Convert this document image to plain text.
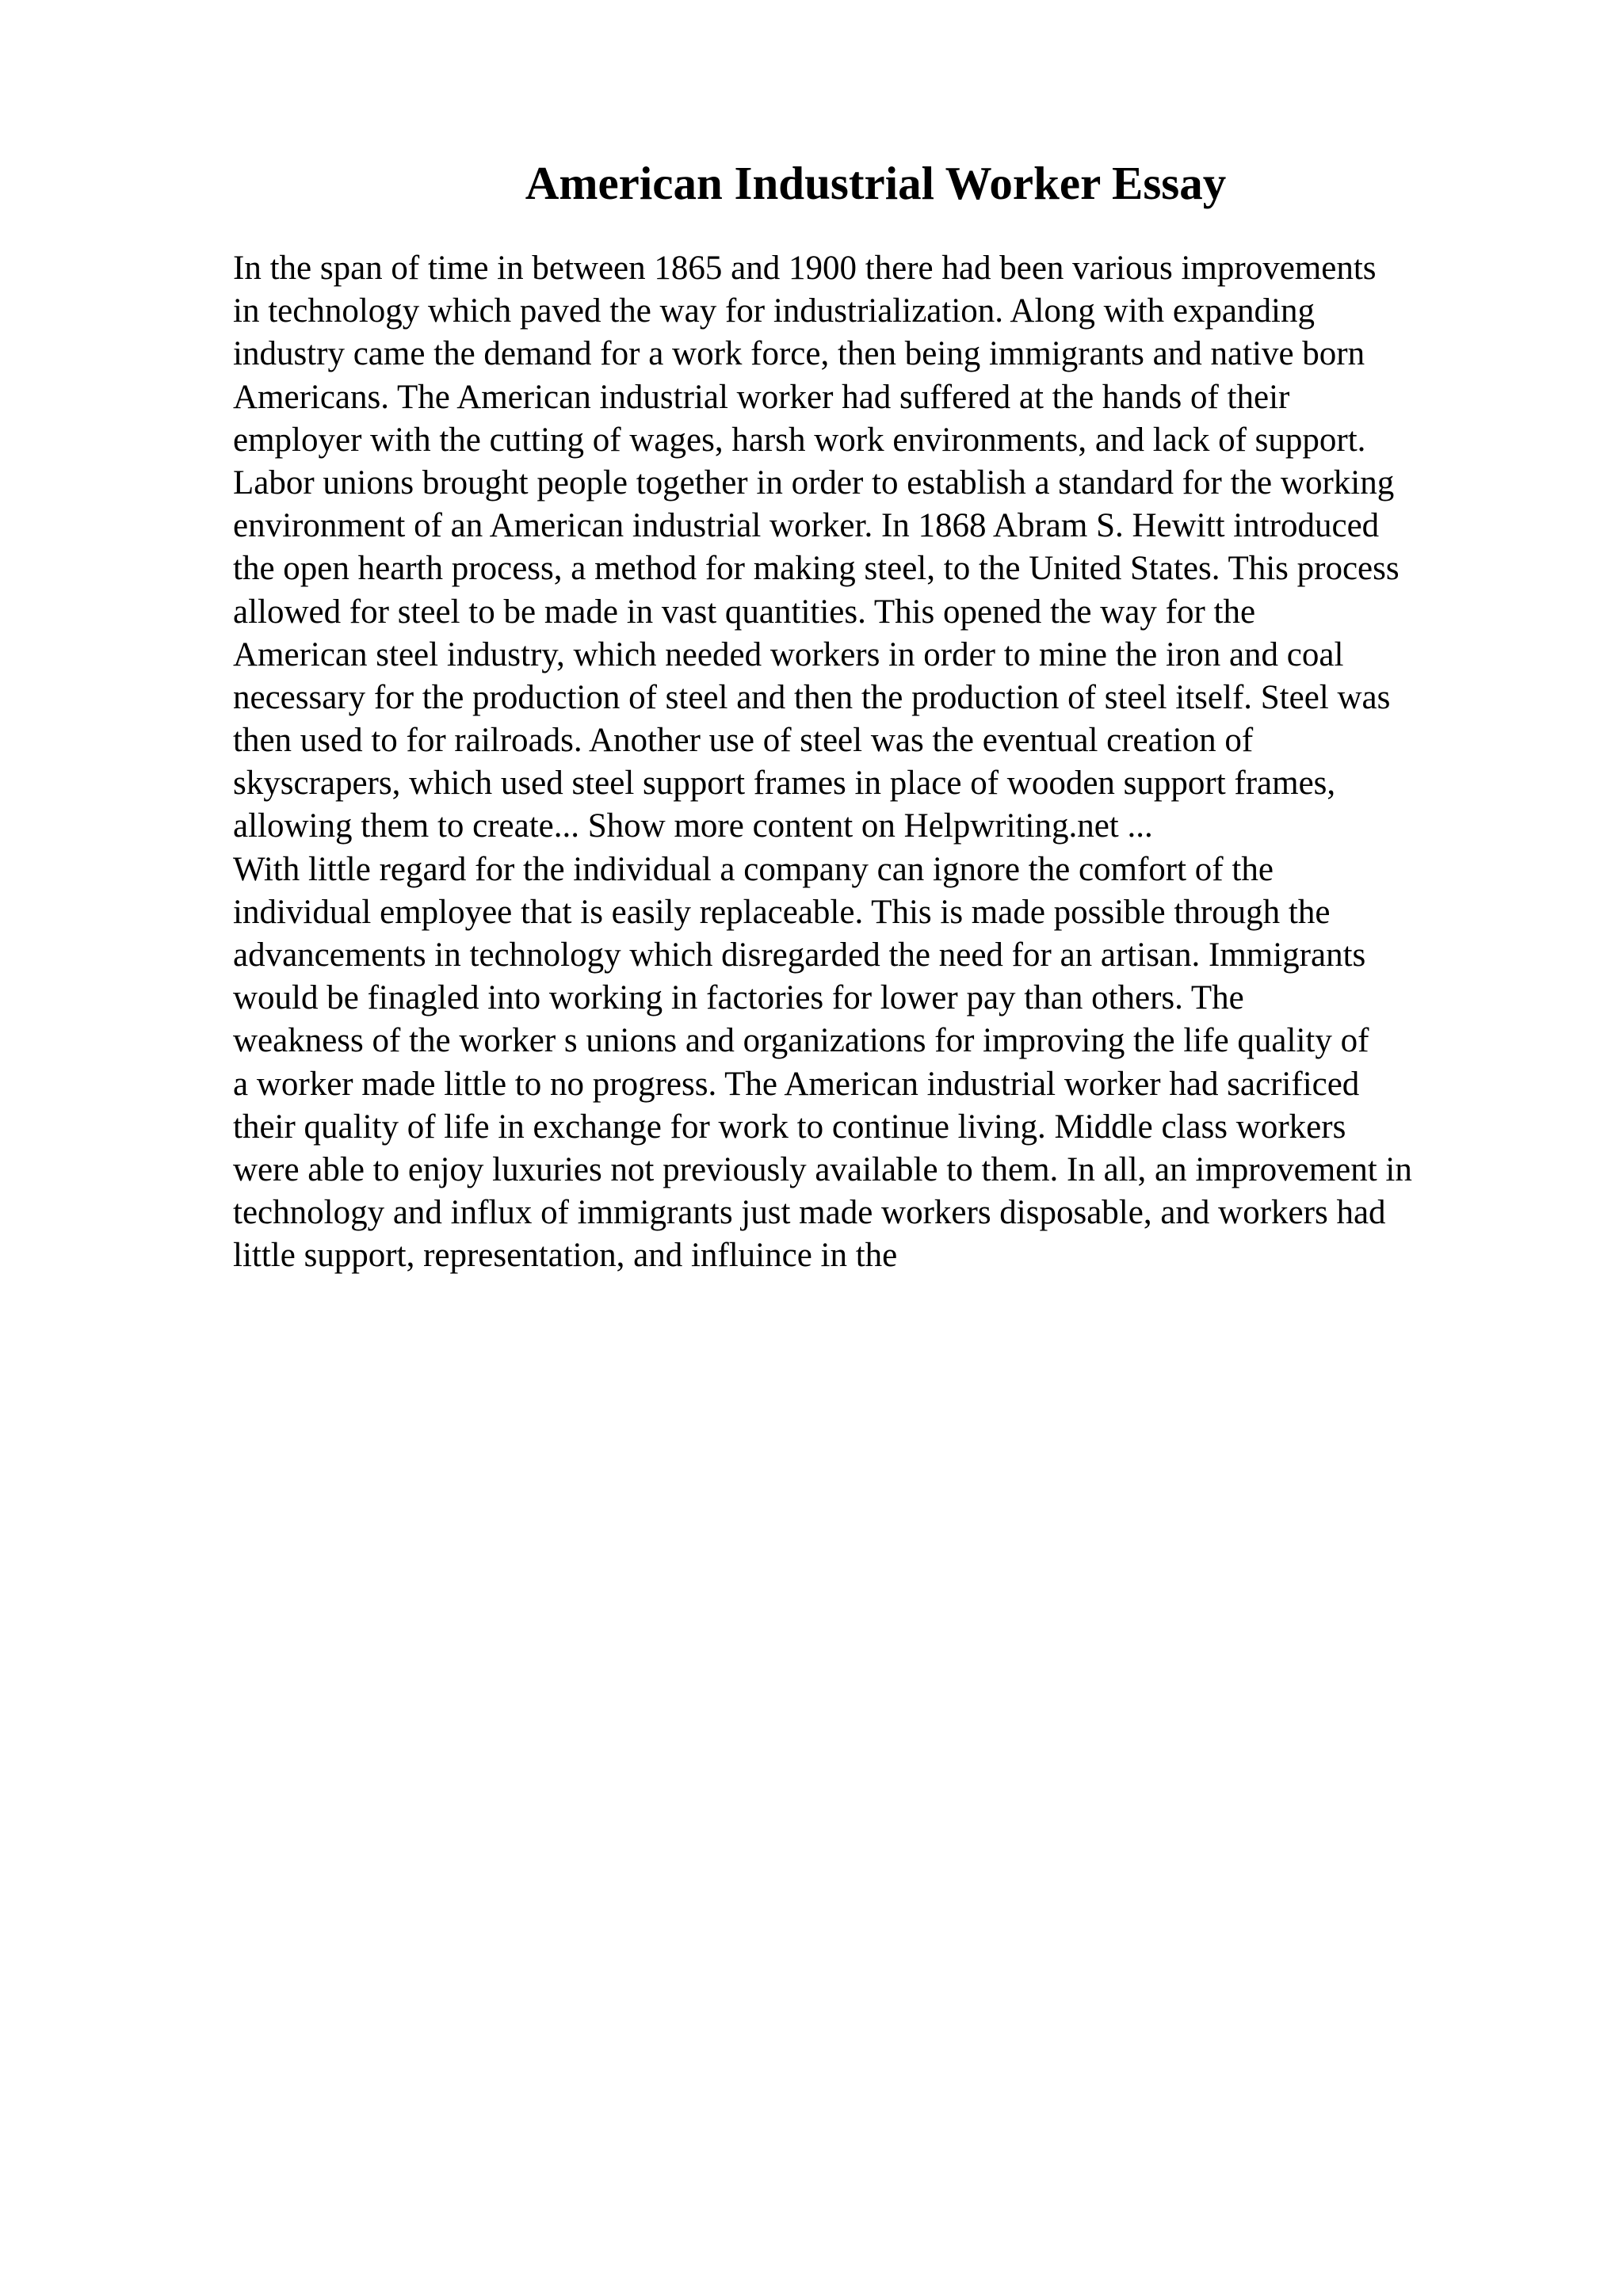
American Industrial Worker Essay
In the span of time in between 1865 and 1900 there had been various improvements
in technology which paved the way for industrialization. Along with expanding
industry came the demand for a work force, then being immigrants and native born
Americans. The American industrial worker had suffered at the hands of their
employer with the cutting of wages, harsh work environments, and lack of support.
Labor unions brought people together in order to establish a standard for the working
environment of an American industrial worker. In 1868 Abram S. Hewitt introduced
the open hearth process, a method for making steel, to the United States. This process
allowed for steel to be made in vast quantities. This opened the way for the
American steel industry, which needed workers in order to mine the iron and coal
necessary for the production of steel and then the production of steel itself. Steel was
then used to for railroads. Another use of steel was the eventual creation of
skyscrapers, which used steel support frames in place of wooden support frames,
allowing them to create... Show more content on Helpwriting.net ...
With little regard for the individual a company can ignore the comfort of the
individual employee that is easily replaceable. This is made possible through the
advancements in technology which disregarded the need for an artisan. Immigrants
would be finagled into working in factories for lower pay than others. The
weakness of the worker s unions and organizations for improving the life quality of
a worker made little to no progress. The American industrial worker had sacrificed
their quality of life in exchange for work to continue living. Middle class workers
were able to enjoy luxuries not previously available to them. In all, an improvement in
technology and influx of immigrants just made workers disposable, and workers had
little support, representation, and influince in the
